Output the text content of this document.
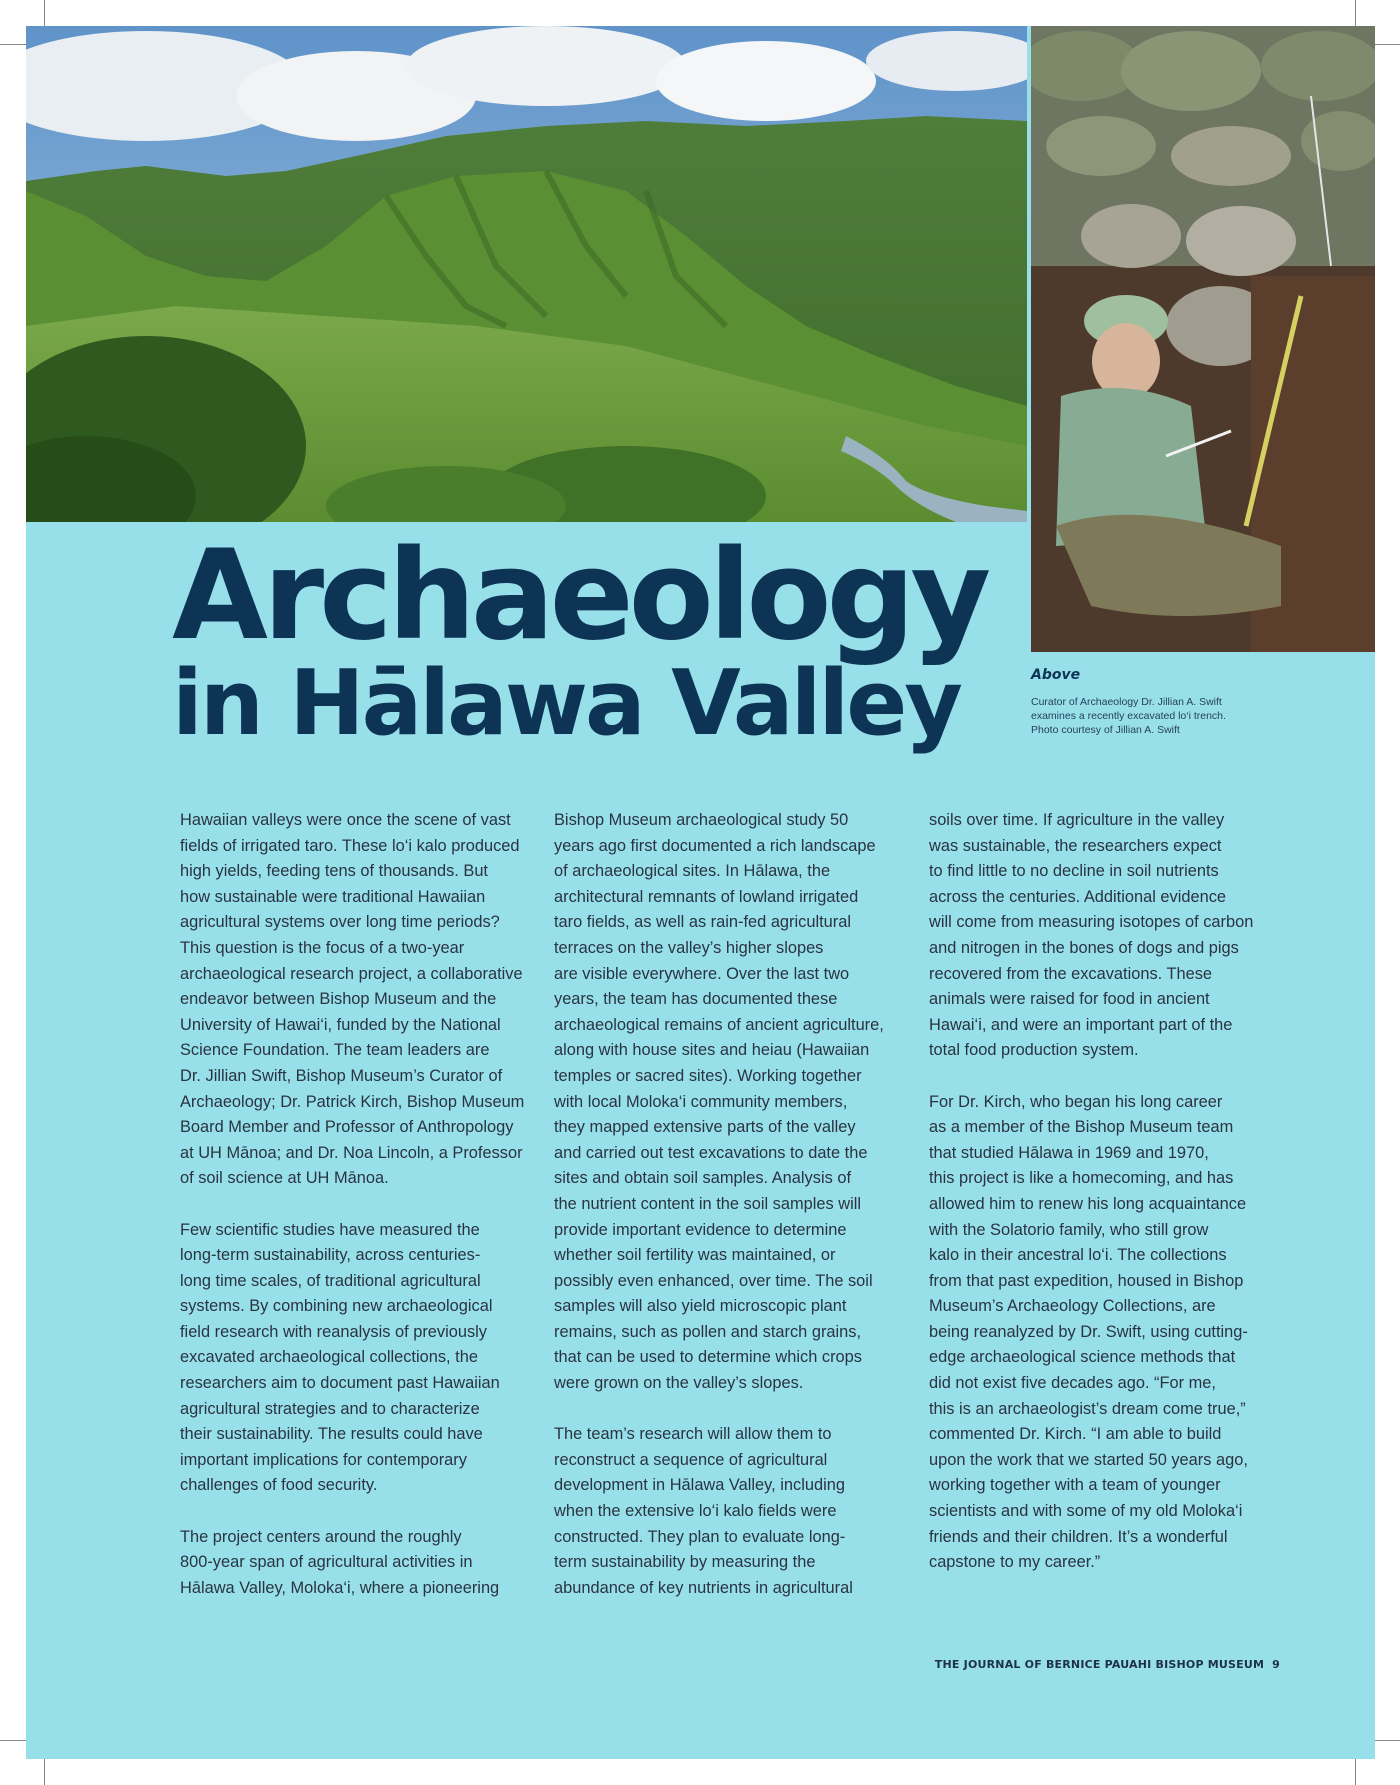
Archaeology
in Hālawa Valley	Above
Curator of Archaeology Dr. Jillian A. Swift
examines a recently excavated lo‘i trench.
Photo courtesy of Jillian A. Swift
Hawaiian valleys were once the scene of vast
fields of irrigated taro. These lo‘i kalo produced
high yields, feeding tens of thousands. But
how sustainable were traditional Hawaiian
agricultural systems over long time periods?
This question is the focus of a two-year
archaeological research project, a collaborative
endeavor between Bishop Museum and the
University of Hawai‘i, funded by the National
Science Foundation. The team leaders are
Dr. Jillian Swift, Bishop Museum’s Curator of
Archaeology; Dr. Patrick Kirch, Bishop Museum
Board Member and Professor of Anthropology
at UH Mānoa; and Dr. Noa Lincoln, a Professor
of soil science at UH Mānoa.
Few scientific studies have measured the
long-term sustainability, across centuries-
long time scales, of traditional agricultural
systems. By combining new archaeological
field research with reanalysis of previously
excavated archaeological collections, the
researchers aim to document past Hawaiian
agricultural strategies and to characterize
their sustainability. The results could have
important implications for contemporary
challenges of food security.
The project centers around the roughly
800-year span of agricultural activities in
Hālawa Valley, Moloka‘i, where a pioneering
Bishop Museum archaeological study 50
years ago first documented a rich landscape
of archaeological sites. In Hālawa, the
architectural remnants of lowland irrigated
taro fields, as well as rain-fed agricultural
terraces on the valley’s higher slopes
are visible everywhere. Over the last two
years, the team has documented these
archaeological remains of ancient agriculture,
along with house sites and heiau (Hawaiian
temples or sacred sites). Working together
with local Moloka‘i community members,
they mapped extensive parts of the valley
and carried out test excavations to date the
sites and obtain soil samples. Analysis of
the nutrient content in the soil samples will
provide important evidence to determine
whether soil fertility was maintained, or
possibly even enhanced, over time. The soil
samples will also yield microscopic plant
remains, such as pollen and starch grains,
that can be used to determine which crops
were grown on the valley’s slopes.
The team’s research will allow them to
reconstruct a sequence of agricultural
development in Hālawa Valley, including
when the extensive lo‘i kalo fields were
constructed. They plan to evaluate long-
term sustainability by measuring the
abundance of key nutrients in agricultural
soils over time. If agriculture in the valley
was sustainable, the researchers expect
to find little to no decline in soil nutrients
across the centuries. Additional evidence
will come from measuring isotopes of carbon
and nitrogen in the bones of dogs and pigs
recovered from the excavations. These
animals were raised for food in ancient
Hawai‘i, and were an important part of the
total food production system.
For Dr. Kirch, who began his long career
as a member of the Bishop Museum team
that studied Hālawa in 1969 and 1970,
this project is like a homecoming, and has
allowed him to renew his long acquaintance
with the Solatorio family, who still grow
kalo in their ancestral lo‘i. The collections
from that past expedition, housed in Bishop
Museum’s Archaeology Collections, are
being reanalyzed by Dr. Swift, using cutting-
edge archaeological science methods that
did not exist five decades ago. “For me,
this is an archaeologist’s dream come true,”
commented Dr. Kirch. “I am able to build
upon the work that we started 50 years ago,
working together with a team of younger
scientists and with some of my old Moloka‘i
friends and their children. It’s a wonderful
capstone to my career.”
THE JOURNAL OF BERNICE PAUAHI BISHOP MUSEUM 9
